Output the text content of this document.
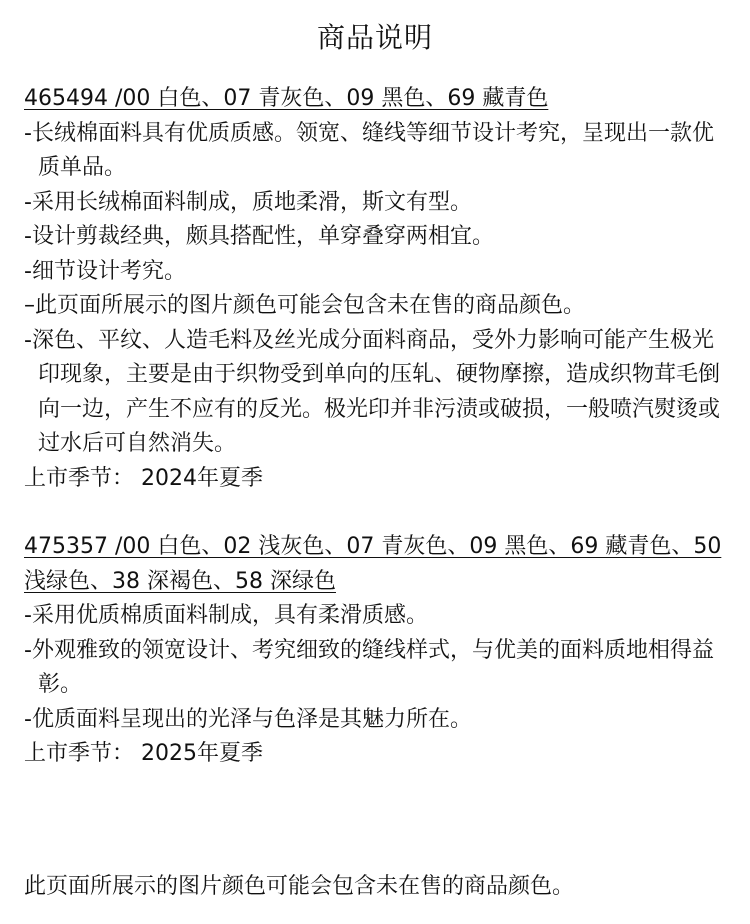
商品说明
465494 /00 白色、07 青灰色、09 黑色、69 藏青色
-长绒棉面料具有优质质感。领宽、缝线等细节设计考究，呈现出一款优质单品。
-采用长绒棉面料制成，质地柔滑，斯文有型。
-设计剪裁经典，颇具搭配性，单穿叠穿两相宜。
-细节设计考究。
–此页面所展示的图片颜色可能会包含未在售的商品颜色。
-深色、平纹、人造毛料及丝光成分面料商品，受外力影响可能产生极光印现象，主要是由于织物受到单向的压轧、硬物摩擦，造成织物茸毛倒向一边，产生不应有的反光。极光印并非污渍或破损，一般喷汽熨烫或过水后可自然消失。
上市季节： 2024年夏季
475357 /00 白色、02 浅灰色、07 青灰色、09 黑色、69 藏青色、50 浅绿色、38 深褐色、58 深绿色
-采用优质棉质面料制成，具有柔滑质感。
-外观雅致的领宽设计、考究细致的缝线样式，与优美的面料质地相得益彰。
-优质面料呈现出的光泽与色泽是其魅力所在。
上市季节： 2025年夏季
此页面所展示的图片颜色可能会包含未在售的商品颜色。
